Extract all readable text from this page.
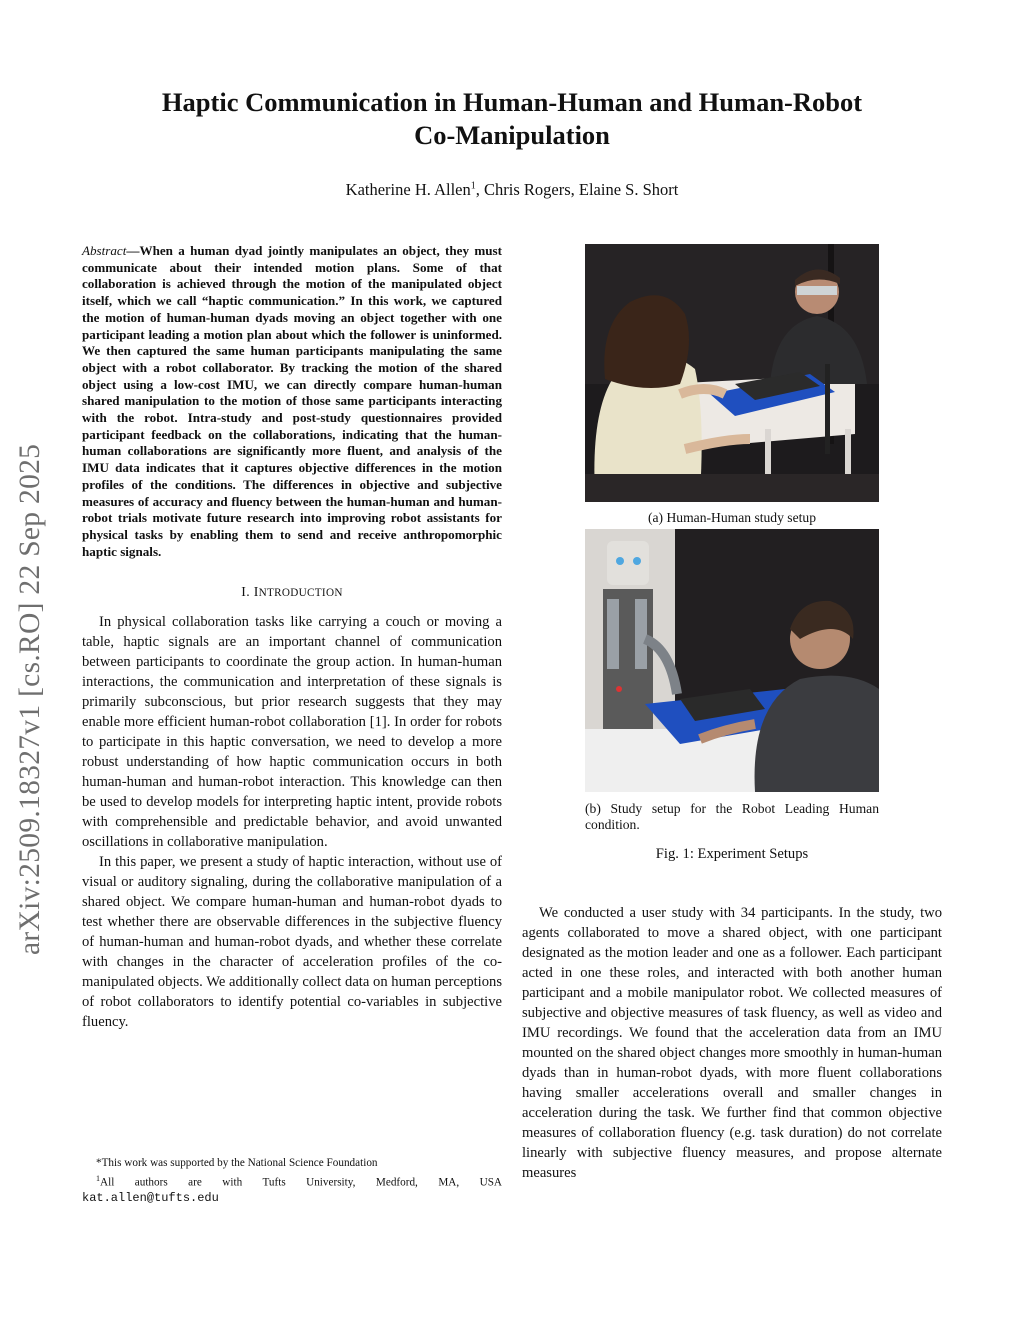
arXiv:2509.18327v1 [cs.RO] 22 Sep 2025
Haptic Communication in Human-Human and Human-Robot
Co-Manipulation
Katherine H. Allen$^1$, Chris Rogers, Elaine S. Short
Abstract—When a human dyad jointly manipulates an object, they must communicate about their intended motion plans. Some of that collaboration is achieved through the motion of the manipulated object itself, which we call “haptic communication.” In this work, we captured the motion of human-human dyads moving an object together with one participant leading a motion plan about which the follower is uninformed. We then captured the same human participants manipulating the same object with a robot collaborator. By tracking the motion of the shared object using a low-cost IMU, we can directly compare human-human shared manipulation to the motion of those same participants interacting with the robot. Intra-study and post-study questionnaires provided participant feedback on the collaborations, indicating that the human-human collaborations are significantly more fluent, and analysis of the IMU data indicates that it captures objective differences in the motion profiles of the conditions. The differences in objective and subjective measures of accuracy and fluency between the human-human and human-robot trials motivate future research into improving robot assistants for physical tasks by enabling them to send and receive anthropomorphic haptic signals.
I. INTRODUCTION

In physical collaboration tasks like carrying a couch or moving a table, haptic signals are an important channel of communication between participants to coordinate the group action. In human-human interactions, the communication and interpretation of these signals is primarily subconscious, but prior research suggests that they may enable more efficient human-robot collaboration [1]. In order for robots to participate in this haptic conversation, we need to develop a more robust understanding of how haptic communication occurs in both human-human and human-robot interaction. This knowledge can then be used to develop models for interpreting haptic intent, provide robots with comprehensible and predictable behavior, and avoid unwanted oscillations in collaborative manipulation.

In this paper, we present a study of haptic interaction, without use of visual or auditory signaling, during the collaborative manipulation of a shared object. We compare human-human and human-robot dyads to test whether there are observable differences in the subjective fluency of human-human and human-robot dyads, and whether these correlate with changes in the character of acceleration profiles of the co-manipulated objects. We additionally collect data on human perceptions of robot collaborators to identify potential co-variables in subjective fluency.

*This work was supported by the National Science Foundation
$^1$All authors are with Tufts University, Medford, MA, USA
kat.allen@tufts.edu
(a) Human-Human study setup
(b) Study setup for the Robot Leading Human condition.
Fig. 1: Experiment Setups

We conducted a user study with 34 participants. In the study, two agents collaborated to move a shared object, with one participant designated as the motion leader and one as a follower. Each participant acted in one these roles, and interacted with both another human participant and a mobile manipulator robot. We collected measures of subjective and objective measures of task fluency, as well as video and IMU recordings. We found that the acceleration data from an IMU mounted on the shared object changes more smoothly in human-human dyads than in human-robot dyads, with more fluent collaborations having smaller accelerations overall and smaller changes in acceleration during the task. We further find that common objective measures of collaboration fluency (e.g. task duration) do not correlate linearly with subjective fluency measures, and propose alternate measures
